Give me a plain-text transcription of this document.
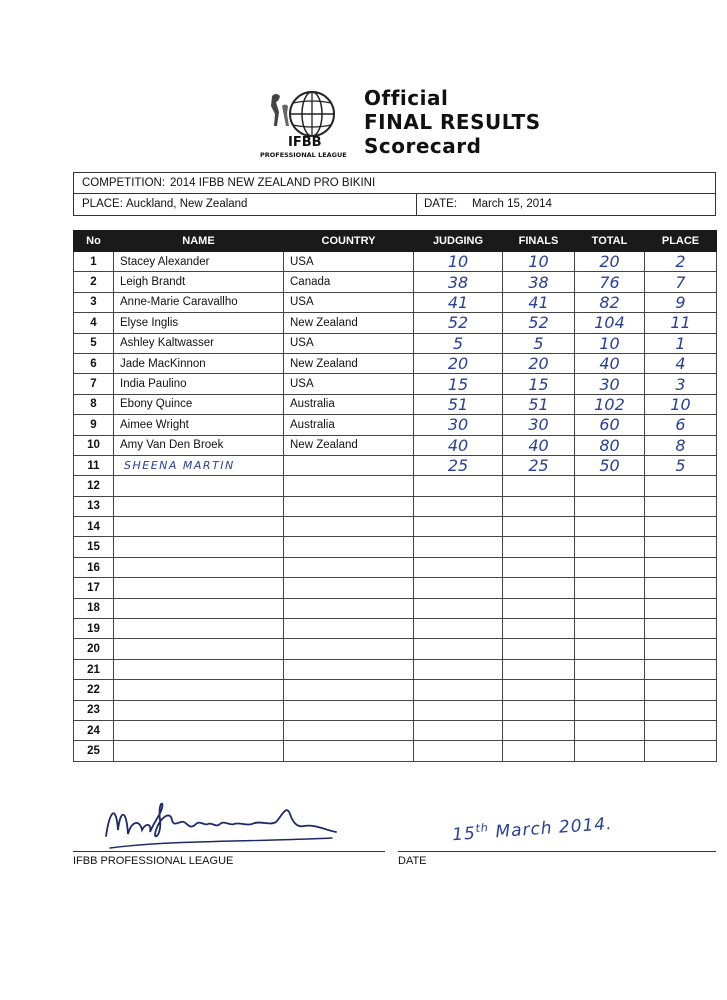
IFBB
PROFESSIONAL LEAGUE
Official
FINAL RESULTS
Scorecard
COMPETITION: 2014 IFBB NEW ZEALAND PRO BIKINI
PLACE: Auckland, New Zealand	DATE: March 15, 2014
No	NAME	COUNTRY	JUDGING	FINALS	TOTAL	PLACE
1	Stacey Alexander	USA	10	10	20	2
2	Leigh Brandt	Canada	38	38	76	7
3	Anne-Marie Caravallho	USA	41	41	82	9
4	Elyse Inglis	New Zealand	52	52	104	11
5	Ashley Kaltwasser	USA	5	5	10	1
6	Jade MacKinnon	New Zealand	20	20	40	4
7	India Paulino	USA	15	15	30	3
8	Ebony Quince	Australia	51	51	102	10
9	Aimee Wright	Australia	30	30	60	6
10	Amy Van Den Broek	New Zealand	40	40	80	8
11	SHEENA MARTIN		25	25	50	5
12						
13						
14						
15						
16						
17						
18						
19						
20						
21						
22						
23						
24						
25						
IFBB PROFESSIONAL LEAGUE
15th March 2014.
DATE
